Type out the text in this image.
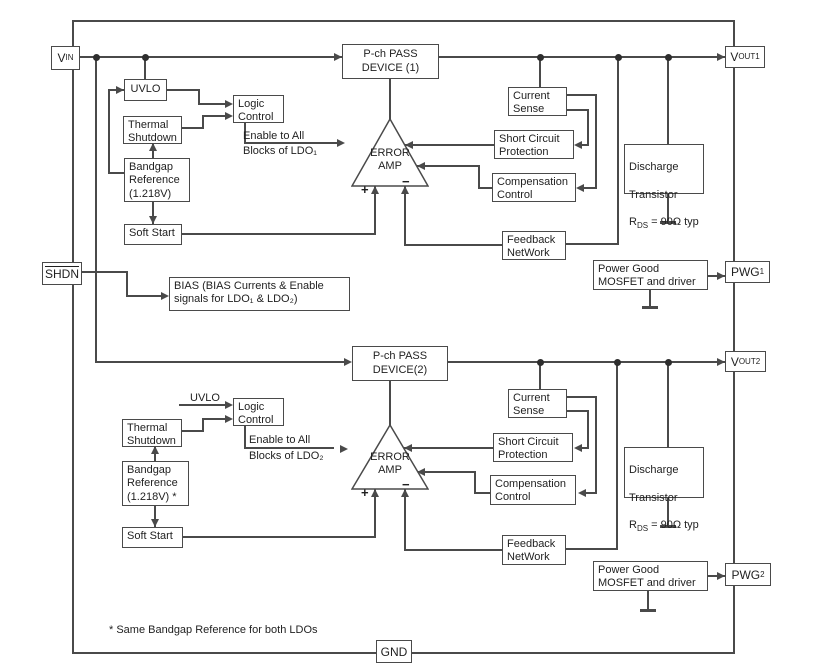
UVLO
Thermal
Shutdown
Bandgap
Reference
(1.218V)
Soft Start
Logic
Control
P-ch PASS
DEVICE (1)
Current
Sense
Short Circuit
Protection
Compensation
Control
Feedback
NetWork

Discharge

Transistor

$R_{DS} = 90\Omega$ typ

Power Good
MOSFET and driver
BIAS (BIAS Currents & Enable
signals for LDO₁ & LDO₂)
Logic
Control
Thermal
Shutdown
Bandgap
Reference
(1.218V) *
Soft Start
P-ch PASS
DEVICE(2)
Current
Sense
Short Circuit
Protection
Compensation
Control
Feedback
NetWork

Discharge

Transistor

$R_{DS} = 90\Omega$ typ

Power Good
MOSFET and driver
ERROR
AMP
+
−
ERROR
AMP
+
−
V IN
SHDN
V OUT1
PWG 1
V OUT2
PWG 2
GND
Enable to All
Blocks of LDO₁
UVLO
Enable to All
Blocks of LDO₂
* Same Bandgap Reference for both LDOs
